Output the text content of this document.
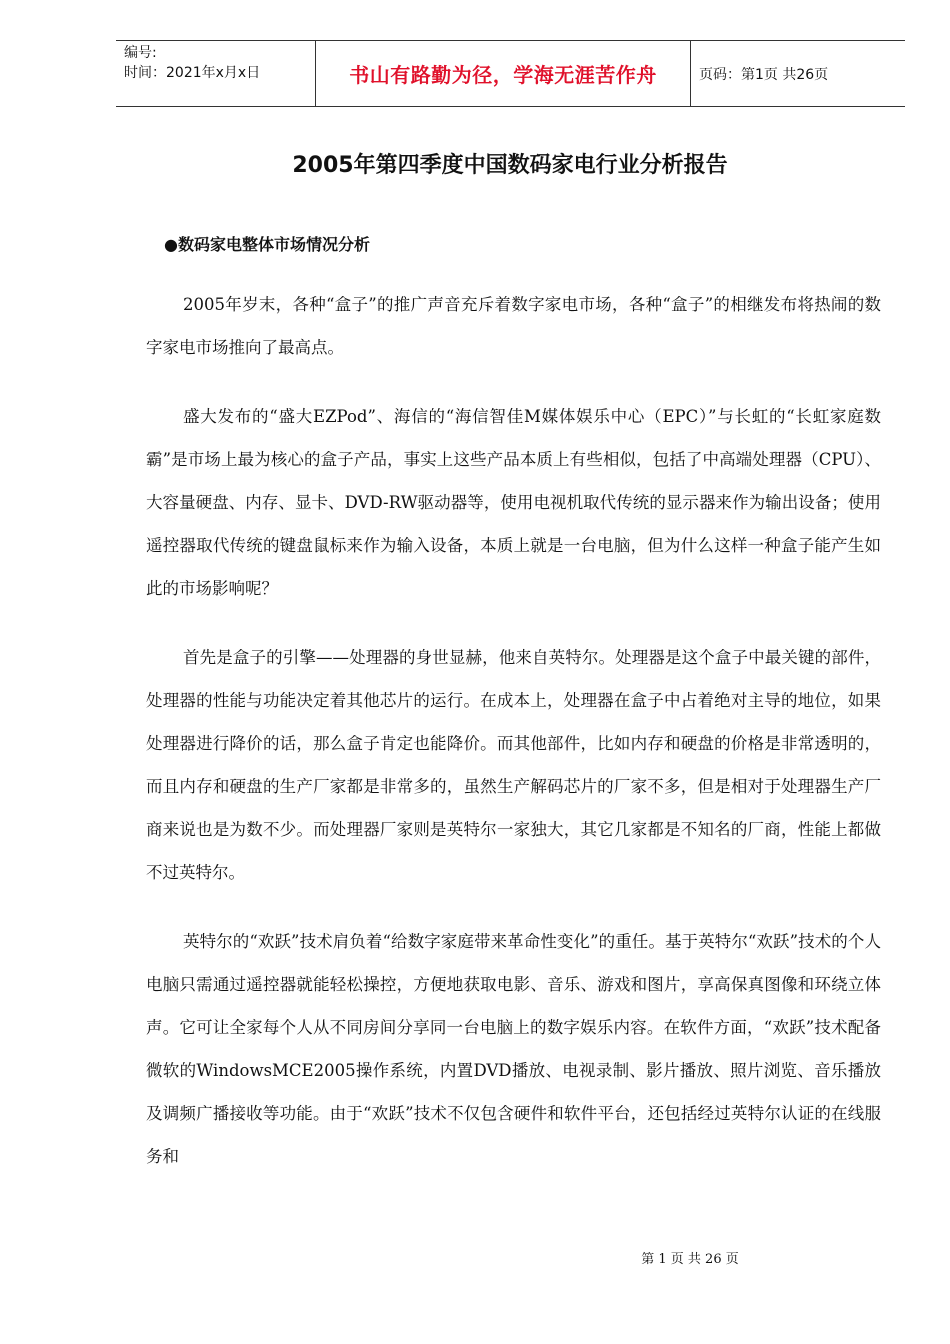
编号:
时间：2021年x月x日	书山有路勤为径，学海无涯苦作舟	页码：第1页 共26页
2005年第四季度中国数码家电行业分析报告
●数码家电整体市场情况分析

2005年岁末，各种“盒子”的推广声音充斥着数字家电市场，各种“盒子”的相继发布将热闹的数字家电市场推向了最高点。

盛大发布的“盛大EZPod”、海信的“海信智佳M媒体娱乐中心（EPC）”与长虹的“长虹家庭数霸”是市场上最为核心的盒子产品，事实上这些产品本质上有些相似，包括了中高端处理器（CPU）、大容量硬盘、内存、显卡、DVD-RW驱动器等，使用电视机取代传统的显示器来作为输出设备；使用遥控器取代传统的键盘鼠标来作为输入设备，本质上就是一台电脑，但为什么这样一种盒子能产生如此的市场影响呢？

首先是盒子的引擎——处理器的身世显赫，他来自英特尔。处理器是这个盒子中最关键的部件，处理器的性能与功能决定着其他芯片的运行。在成本上，处理器在盒子中占着绝对主导的地位，如果处理器进行降价的话，那么盒子肯定也能降价。而其他部件，比如内存和硬盘的价格是非常透明的，而且内存和硬盘的生产厂家都是非常多的，虽然生产解码芯片的厂家不多，但是相对于处理器生产厂商来说也是为数不少。而处理器厂家则是英特尔一家独大，其它几家都是不知名的厂商，性能上都做不过英特尔。

英特尔的“欢跃”技术肩负着“给数字家庭带来革命性变化”的重任。基于英特尔“欢跃”技术的个人电脑只需通过遥控器就能轻松操控，方便地获取电影、音乐、游戏和图片，享高保真图像和环绕立体声。它可让全家每个人从不同房间分享同一台电脑上的数字娱乐内容。在软件方面，“欢跃”技术配备微软的WindowsMCE2005操作系统，内置DVD播放、电视录制、影片播放、照片浏览、音乐播放及调频广播接收等功能。由于“欢跃”技术不仅包含硬件和软件平台，还包括经过英特尔认证的在线服务和

第 1 页 共 26 页
